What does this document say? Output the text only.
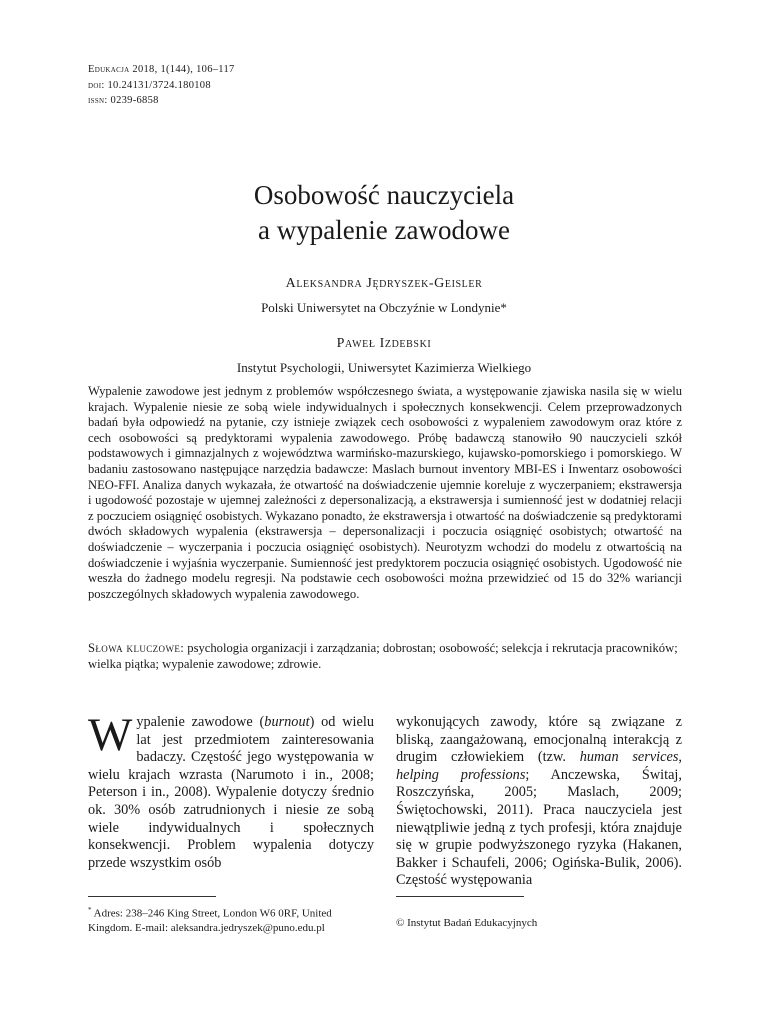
Edukacja 2018, 1(144), 106–117
doi: 10.24131/3724.180108
issn: 0239-6858
Osobowość nauczyciela
a wypalenie zawodowe
Aleksandra Jędryszek-Geisler
Polski Uniwersytet na Obczyźnie w Londynie*
Paweł Izdebski
Instytut Psychologii, Uniwersytet Kazimierza Wielkiego
Wypalenie zawodowe jest jednym z problemów współczesnego świata, a występowanie zjawiska nasila się w wielu krajach. Wypalenie niesie ze sobą wiele indywidualnych i społecznych konsekwencji. Celem przeprowadzonych badań była odpowiedź na pytanie, czy istnieje związek cech osobowości z wypaleniem zawodowym oraz które z cech osobowości są predyktorami wypalenia zawodowego. Próbę badawczą stanowiło 90 nauczycieli szkół podstawowych i gimnazjalnych z województwa warmińsko-mazurskiego, kujawsko-pomorskiego i pomorskiego. W badaniu zastosowano następujące narzędzia badawcze: Maslach burnout inventory MBI-ES i Inwentarz osobowości NEO-FFI. Analiza danych wykazała, że otwartość na doświadczenie ujemnie koreluje z wyczerpaniem; ekstrawersja i ugodowość pozostaje w ujemnej zależności z depersonalizacją, a ekstrawersja i sumienność jest w dodatniej relacji z poczuciem osiągnięć osobistych. Wykazano ponadto, że ekstrawersja i otwartość na doświadczenie są predyktorami dwóch składowych wypalenia (ekstrawersja – depersonalizacji i poczucia osiągnięć osobistych; otwartość na doświadczenie – wyczerpania i poczucia osiągnięć osobistych). Neurotyzm wchodzi do modelu z otwartością na doświadczenie i wyjaśnia wyczerpanie. Sumienność jest predyktorem poczucia osiągnięć osobistych. Ugodowość nie weszła do żadnego modelu regresji. Na podstawie cech osobowości można przewidzieć od 15 do 32% wariancji poszczególnych składowych wypalenia zawodowego.
Słowa kluczowe: psychologia organizacji i zarządzania; dobrostan; osobowość; selekcja i rekrutacja pracowników; wielka piątka; wypalenie zawodowe; zdrowie.

Wypalenie zawodowe (burnout) od wielu lat jest przedmiotem zainteresowania badaczy. Częstość jego występowania w wielu krajach wzrasta (Narumoto i in., 2008; Peterson i in., 2008). Wypalenie dotyczy średnio ok. 30% osób zatrudnionych i niesie ze sobą wiele indywidualnych i społecznych konsekwencji. Problem wypalenia dotyczy przede wszystkim osób

wykonujących zawody, które są związane z bliską, zaangażowaną, emocjonalną interakcją z drugim człowiekiem (tzw. human services, helping professions; Anczewska, Świtaj, Roszczyńska, 2005; Maslach, 2009; Świętochowski, 2011). Praca nauczyciela jest niewątpliwie jedną z tych profesji, która znajduje się w grupie podwyższonego ryzyka (Hakanen, Bakker i Schaufeli, 2006; Ogińska-Bulik, 2006). Częstość występowania

* Adres: 238–246 King Street, London W6 0RF, United Kingdom. E-mail: aleksandra.jedryszek@puno.edu.pl	© Instytut Badań Edukacyjnych
